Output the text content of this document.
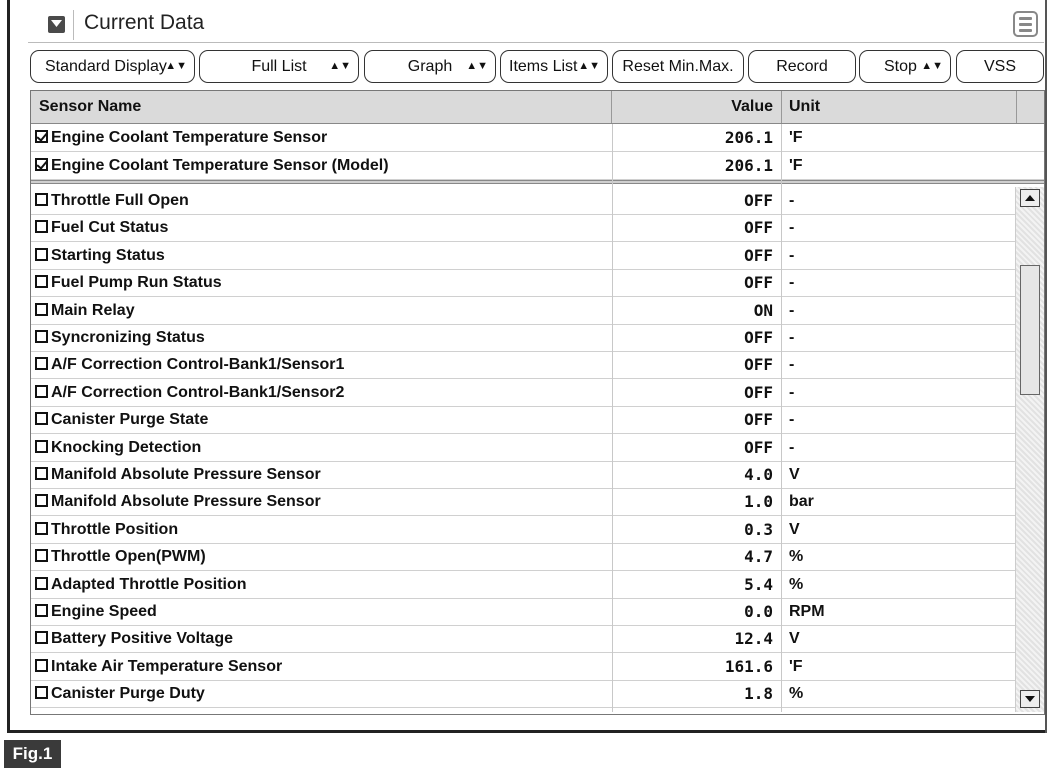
Current Data
Standard Display
▲▼	Full List ▲▼	Graph ▲▼	Items List ▲▼	Reset Min.Max.	Record	Stop ▲▼	VSS
Sensor Name	Value Unit
Engine Coolant Temperature Sensor	206.1 'F
Engine Coolant Temperature Sensor (Model)	206.1 'F
Throttle Full Open	OFF -
Fuel Cut Status	OFF -
Starting Status	OFF -
Fuel Pump Run Status	OFF -
Main Relay	ON -
Syncronizing Status	OFF -
A/F Correction Control-Bank1/Sensor1	OFF -
A/F Correction Control-Bank1/Sensor2	OFF -
Canister Purge State	OFF -
Knocking Detection	OFF -
Manifold Absolute Pressure Sensor	4.0 V
Manifold Absolute Pressure Sensor	1.0 bar
Throttle Position	0.3 V
Throttle Open(PWM)	4.7 %
Adapted Throttle Position	5.4 %
Engine Speed	0.0 RPM
Battery Positive Voltage	12.4 V
Intake Air Temperature Sensor	161.6 'F
Canister Purge Duty	1.8 %
Fig.1
